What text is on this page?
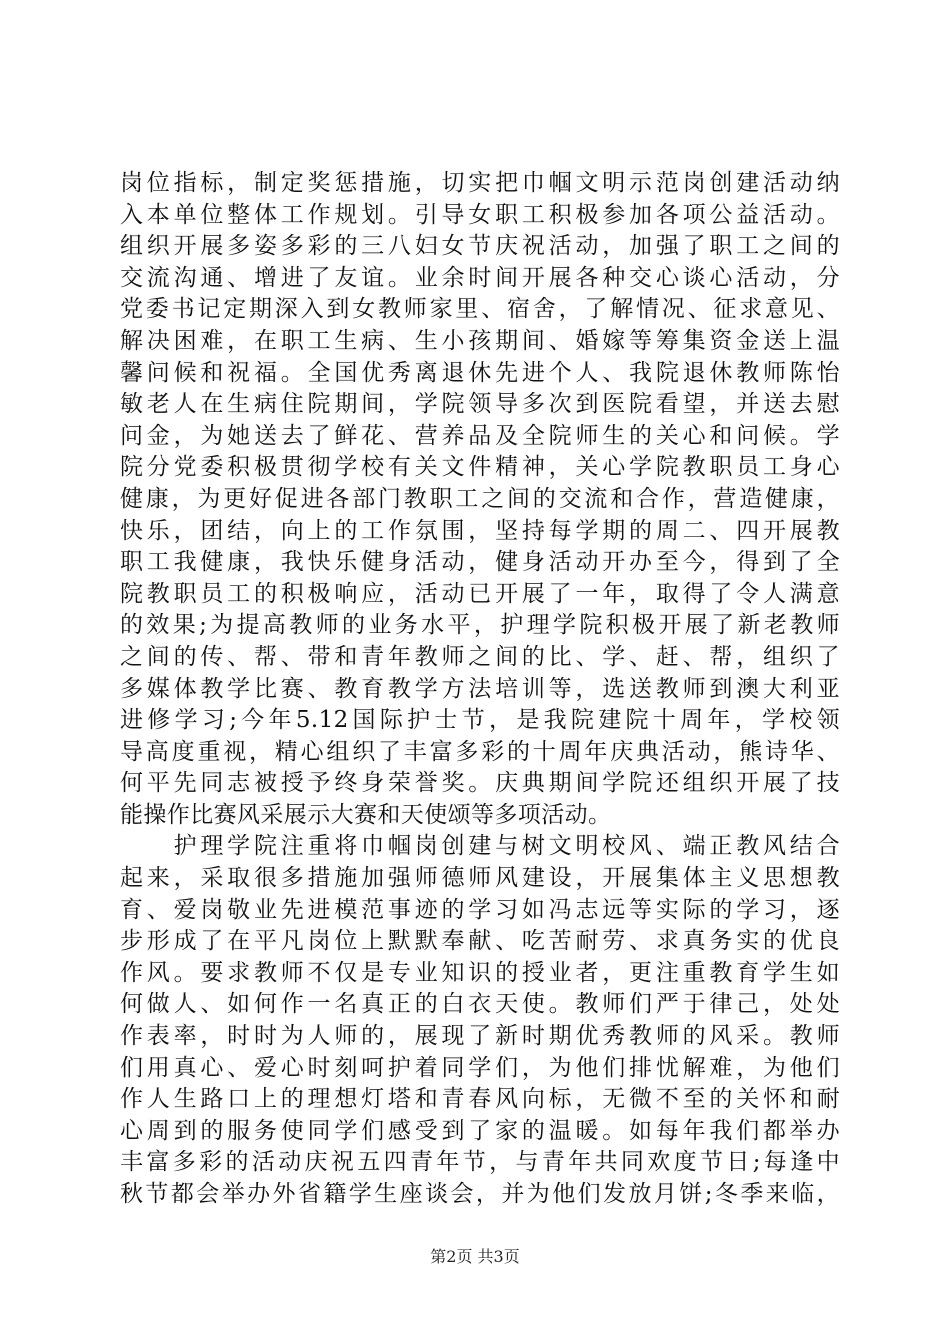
岗位指标，制定奖惩措施，切实把巾帼文明示范岗创建活动纳
入本单位整体工作规划。引导女职工积极参加各项公益活动。
组织开展多姿多彩的三八妇女节庆祝活动，加强了职工之间的
交流沟通、增进了友谊。业余时间开展各种交心谈心活动，分
党委书记定期深入到女教师家里、宿舍，了解情况、征求意见、
解决困难，在职工生病、生小孩期间、婚嫁等筹集资金送上温
馨问候和祝福。全国优秀离退休先进个人、我院退休教师陈怡
敏老人在生病住院期间，学院领导多次到医院看望，并送去慰
问金，为她送去了鲜花、营养品及全院师生的关心和问候。学
院分党委积极贯彻学校有关文件精神，关心学院教职员工身心
健康，为更好促进各部门教职工之间的交流和合作，营造健康，
快乐，团结，向上的工作氛围，坚持每学期的周二、四开展教
职工我健康，我快乐健身活动，健身活动开办至今，得到了全
院教职员工的积极响应，活动已开展了一年，取得了令人满意
的效果;为提高教师的业务水平，护理学院积极开展了新老教师
之间的传、帮、带和青年教师之间的比、学、赶、帮，组织了
多媒体教学比赛、教育教学方法培训等，选送教师到澳大利亚
进修学习;今年5.12国际护士节，是我院建院十周年，学校领
导高度重视，精心组织了丰富多彩的十周年庆典活动，熊诗华、
何平先同志被授予终身荣誉奖。庆典期间学院还组织开展了技
能操作比赛风采展示大赛和天使颂等多项活动。
　　护理学院注重将巾帼岗创建与树文明校风、端正教风结合
起来，采取很多措施加强师德师风建设，开展集体主义思想教
育、爱岗敬业先进模范事迹的学习如冯志远等实际的学习，逐
步形成了在平凡岗位上默默奉献、吃苦耐劳、求真务实的优良
作风。要求教师不仅是专业知识的授业者，更注重教育学生如
何做人、如何作一名真正的白衣天使。教师们严于律己，处处
作表率，时时为人师的，展现了新时期优秀教师的风采。教师
们用真心、爱心时刻呵护着同学们，为他们排忧解难，为他们
作人生路口上的理想灯塔和青春风向标，无微不至的关怀和耐
心周到的服务使同学们感受到了家的温暖。如每年我们都举办
丰富多彩的活动庆祝五四青年节，与青年共同欢度节日;每逢中
秋节都会举办外省籍学生座谈会，并为他们发放月饼;冬季来临，
第2页 共3页
